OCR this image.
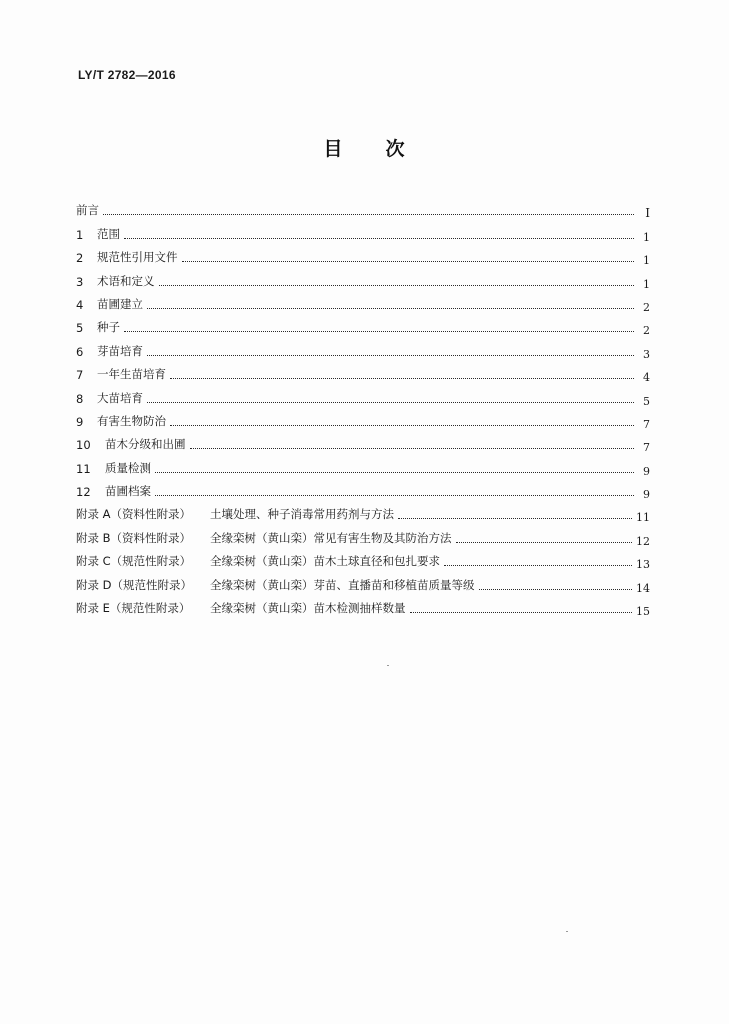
LY/T 2782—2016
目 次
前言	I
1	范围	1
2	规范性引用文件	1
3	术语和定义	1
4	苗圃建立	2
5	种子	2
6	芽苗培育	3
7	一年生苗培育	4
8	大苗培育	5
9	有害生物防治	7
10	苗木分级和出圃	7
11	质量检测	9
12	苗圃档案	9
附录 A（资料性附录）	土壤处理、种子消毒常用药剂与方法	11
附录 B（资料性附录）	全缘栾树（黄山栾）常见有害生物及其防治方法	12
附录 C（规范性附录）	全缘栾树（黄山栾）苗木土球直径和包扎要求	13
附录 D（规范性附录）	全缘栾树（黄山栾）芽苗、直播苗和移植苗质量等级	14
附录 E（规范性附录）	全缘栾树（黄山栾）苗木检测抽样数量	15
